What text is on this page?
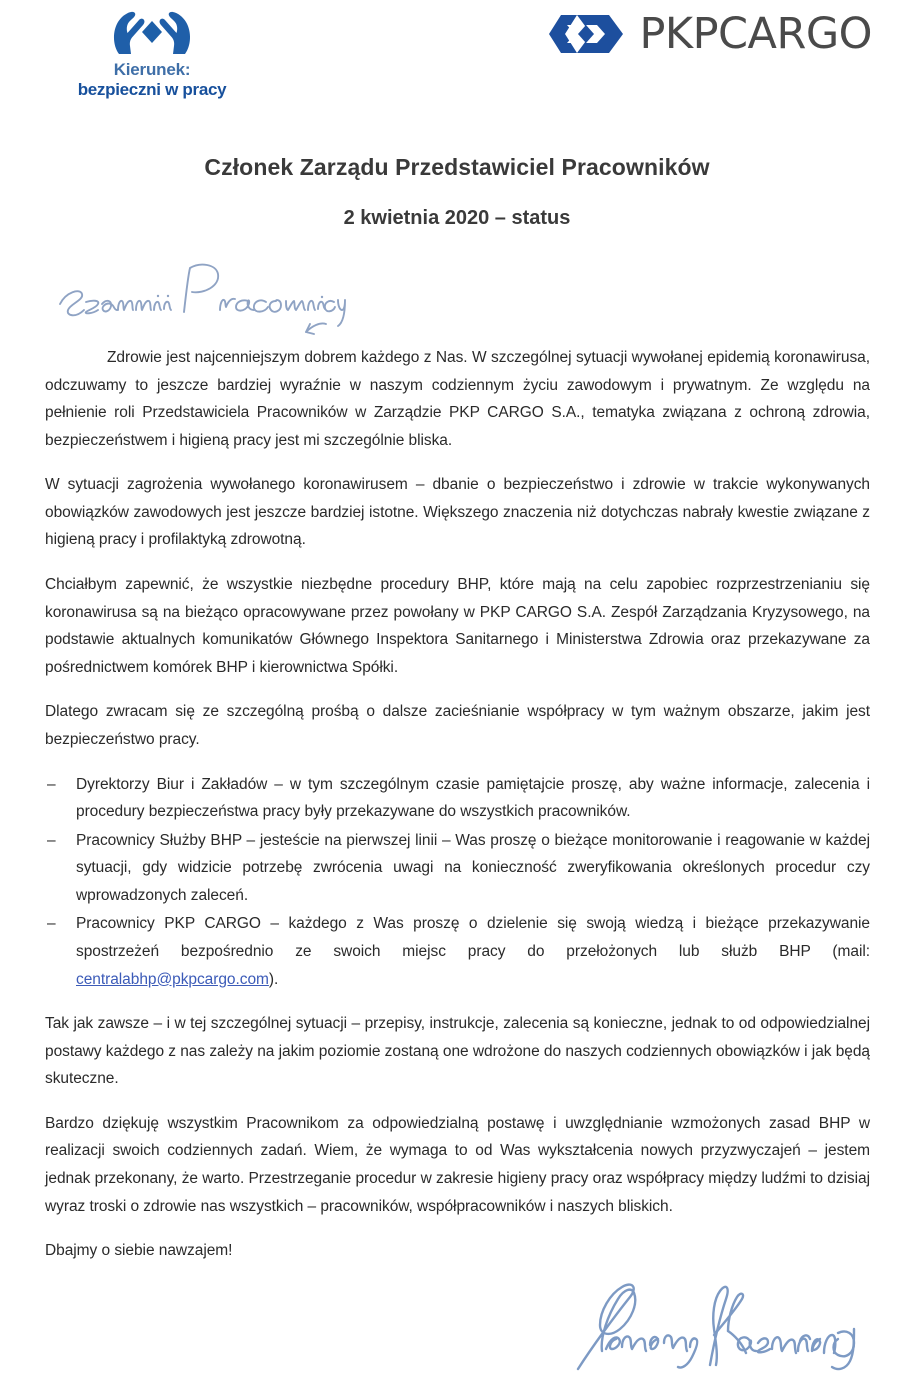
Kierunek:
bezpieczni w pracy
PKPCARGO
Członek Zarządu Przedstawiciel Pracowników
2 kwietnia 2020 – status

Zdrowie jest najcenniejszym dobrem każdego z Nas. W szczególnej sytuacji wywołanej epidemią koronawirusa, odczuwamy to jeszcze bardziej wyraźnie w naszym codziennym życiu zawodowym i prywatnym. Ze względu na pełnienie roli Przedstawiciela Pracowników w Zarządzie PKP CARGO S.A., tematyka związana z ochroną zdrowia, bezpieczeństwem i higieną pracy jest mi szczególnie bliska.

W sytuacji zagrożenia wywołanego koronawirusem – dbanie o bezpieczeństwo i zdrowie w trakcie wykonywanych obowiązków zawodowych jest jeszcze bardziej istotne. Większego znaczenia niż dotychczas nabrały kwestie związane z higieną pracy i profilaktyką zdrowotną.

Chciałbym zapewnić, że wszystkie niezbędne procedury BHP, które mają na celu zapobiec rozprzestrzenianiu się koronawirusa są na bieżąco opracowywane przez powołany w PKP CARGO S.A. Zespół Zarządzania Kryzysowego, na podstawie aktualnych komunikatów Głównego Inspektora Sanitarnego i Ministerstwa Zdrowia oraz przekazywane za pośrednictwem komórek BHP i kierownictwa Spółki.

Dlatego zwracam się ze szczególną prośbą o dalsze zacieśnianie współpracy w tym ważnym obszarze, jakim jest bezpieczeństwo pracy.

– Dyrektorzy Biur i Zakładów – w tym szczególnym czasie pamiętajcie proszę, aby ważne informacje, zalecenia i procedury bezpieczeństwa pracy były przekazywane do wszystkich pracowników.
– Pracownicy Służby BHP – jesteście na pierwszej linii – Was proszę o bieżące monitorowanie i reagowanie w każdej sytuacji, gdy widzicie potrzebę zwrócenia uwagi na konieczność zweryfikowania określonych procedur czy wprowadzonych zaleceń.
– Pracownicy PKP CARGO – każdego z Was proszę o dzielenie się swoją wiedzą i bieżące przekazywanie spostrzeżeń bezpośrednio ze swoich miejsc pracy do przełożonych lub służb BHP (mail: centralabhp@pkpcargo.com).

Tak jak zawsze – i w tej szczególnej sytuacji – przepisy, instrukcje, zalecenia są konieczne, jednak to od odpowiedzialnej postawy każdego z nas zależy na jakim poziomie zostaną one wdrożone do naszych codziennych obowiązków i jak będą skuteczne.

Bardzo dziękuję wszystkim Pracownikom za odpowiedzialną postawę i uwzględnianie wzmożonych zasad BHP w realizacji swoich codziennych zadań. Wiem, że wymaga to od Was wykształcenia nowych przyzwyczajeń – jestem jednak przekonany, że warto. Przestrzeganie procedur w zakresie higieny pracy oraz współpracy między ludźmi to dzisiaj wyraz troski o zdrowie nas wszystkich – pracowników, współpracowników i naszych bliskich.

Dbajmy o siebie nawzajem!
